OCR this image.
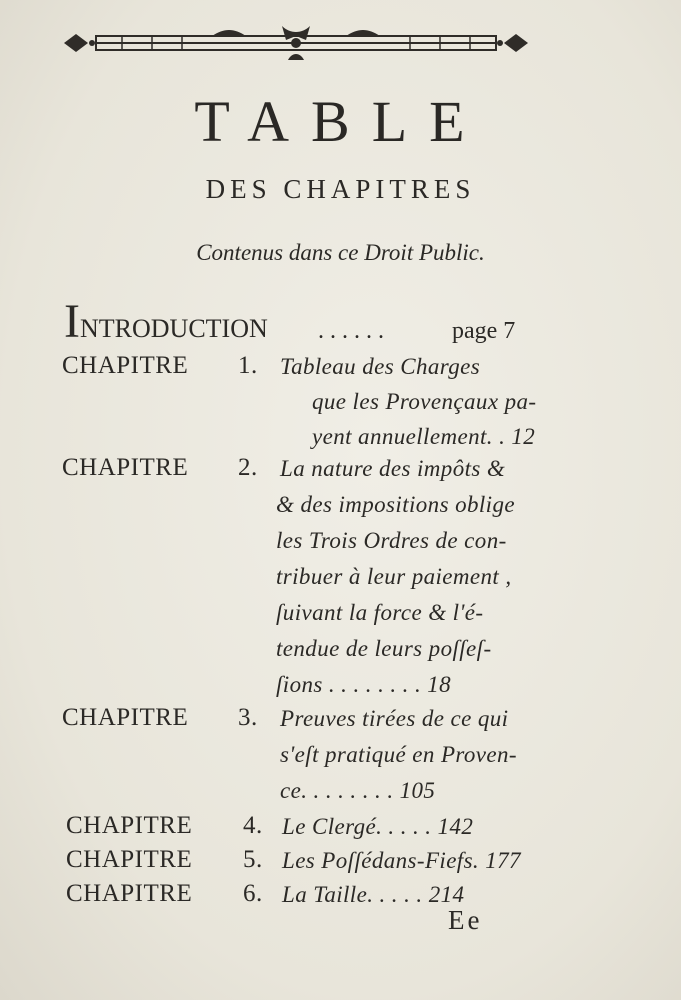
TABLE
DES CHAPITRES
Contenus dans ce Droit Public.
INTRODUCTION . . . . . .	page 7
CHAPITRE 1. Tableau des Charges
que les Provençaux pa-
yent annuellement. . 12
CHAPITRE 2. La nature des impôts &
& des impositions oblige
les Trois Ordres de con-
tribuer à leur paiement ,
ſuivant la force & l'é-
tendue de leurs poſſeſ-
ſions . . . . . . . . 18
CHAPITRE 3. Preuves tirées de ce qui
s'eſt pratiqué en Proven-
ce. . . . . . . . 105
CHAPITRE 4. Le Clergé. . . . . 142
CHAPITRE 5. Les Poſſédans-Fiefs. 177
CHAPITRE 6. La Taille. . . . . 214
Ee
